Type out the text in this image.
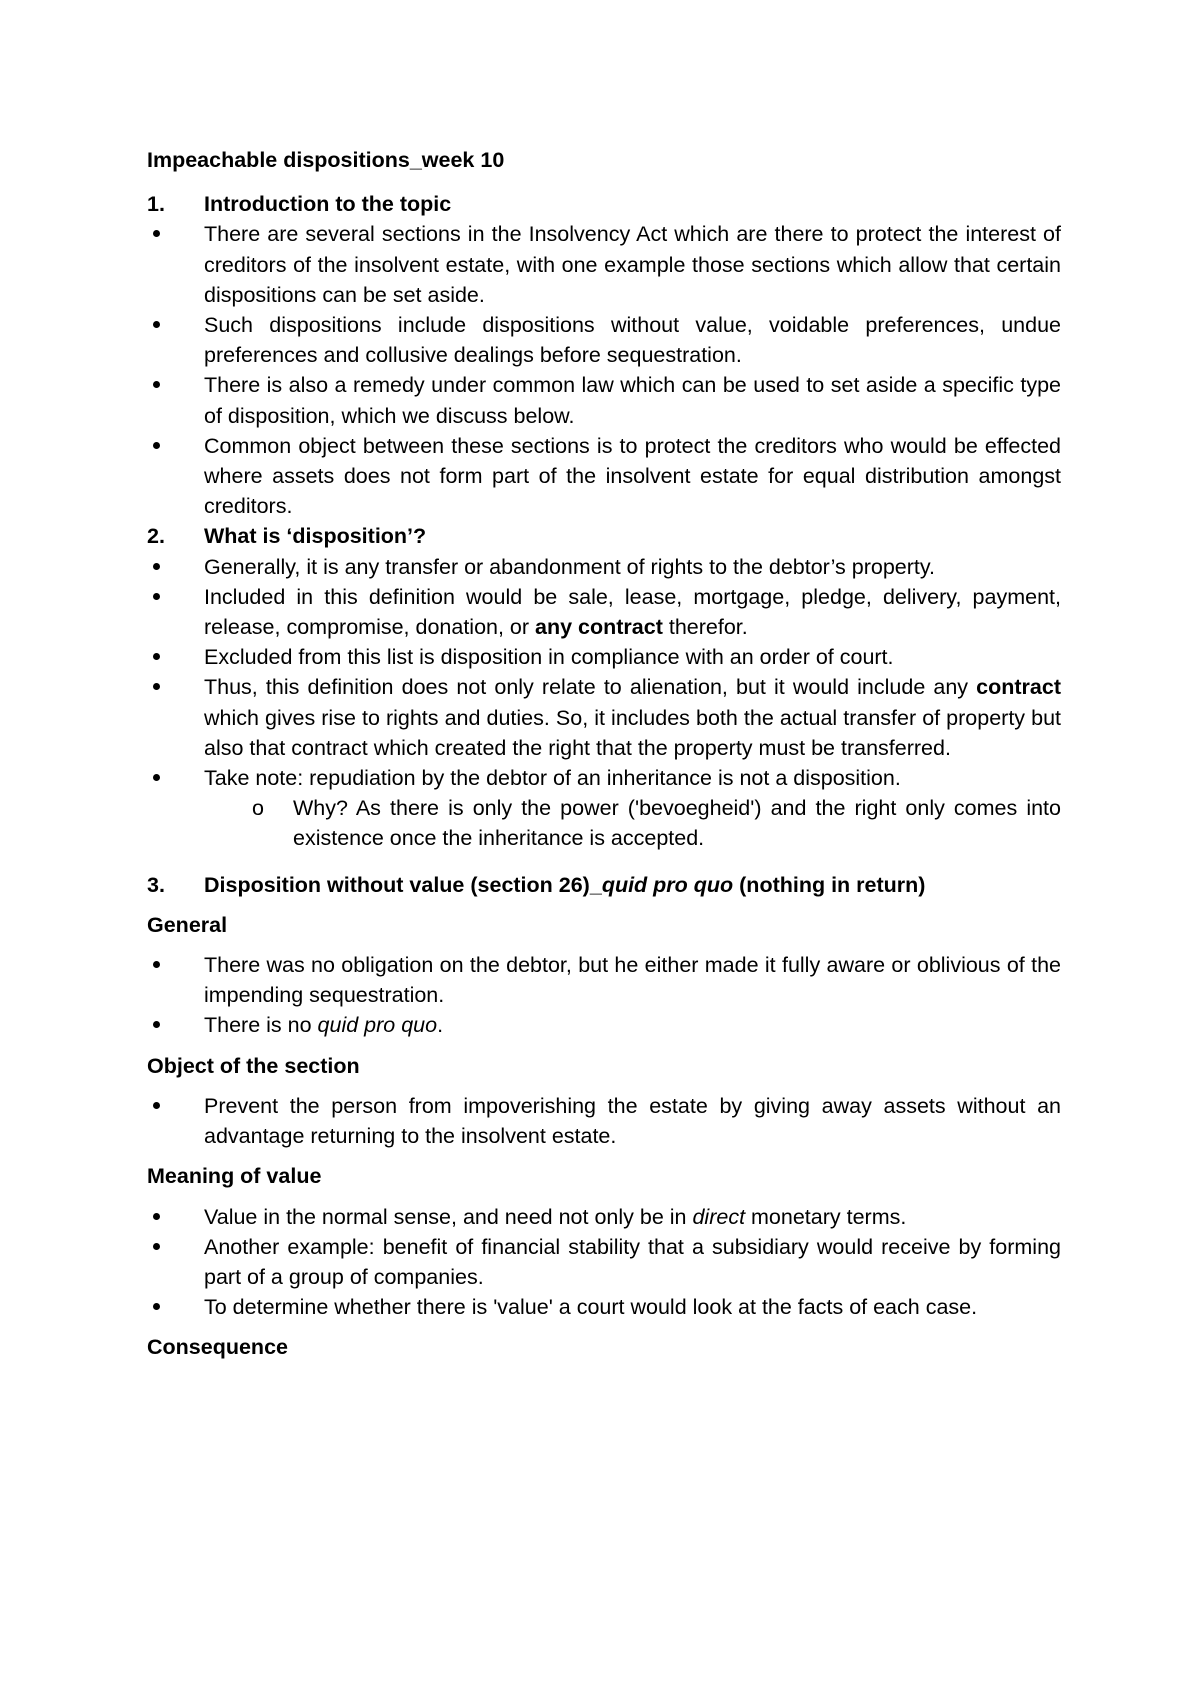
Impeachable dispositions_week 10

1.	Introduction to the topic
There are several sections in the Insolvency Act which are there to protect the interest of creditors of the insolvent estate, with one example those sections which allow that certain dispositions can be set aside.
Such dispositions include dispositions without value, voidable preferences, undue preferences and collusive dealings before sequestration.
There is also a remedy under common law which can be used to set aside a specific type of disposition, which we discuss below.
Common object between these sections is to protect the creditors who would be effected where assets does not form part of the insolvent estate for equal distribution amongst creditors.
2.	What is ‘disposition’?
Generally, it is any transfer or abandonment of rights to the debtor’s property.
Included in this definition would be sale, lease, mortgage, pledge, delivery, payment, release, compromise, donation, or any contract therefor.
Excluded from this list is disposition in compliance with an order of court.
Thus, this definition does not only relate to alienation, but it would include any contract which gives rise to rights and duties. So, it includes both the actual transfer of property but also that contract which created the right that the property must be transferred.
Take note: repudiation by the debtor of an inheritance is not a disposition.
o Why? As there is only the power ('bevoegheid') and the right only comes into existence once the inheritance is accepted.
3.	Disposition without value (section 26)_quid pro quo (nothing in return)

General

There was no obligation on the debtor, but he either made it fully aware or oblivious of the impending sequestration.
There is no quid pro quo.

Object of the section

Prevent the person from impoverishing the estate by giving away assets without an advantage returning to the insolvent estate.

Meaning of value

Value in the normal sense, and need not only be in direct monetary terms.
Another example: benefit of financial stability that a subsidiary would receive by forming part of a group of companies.
To determine whether there is 'value' a court would look at the facts of each case.

Consequence
